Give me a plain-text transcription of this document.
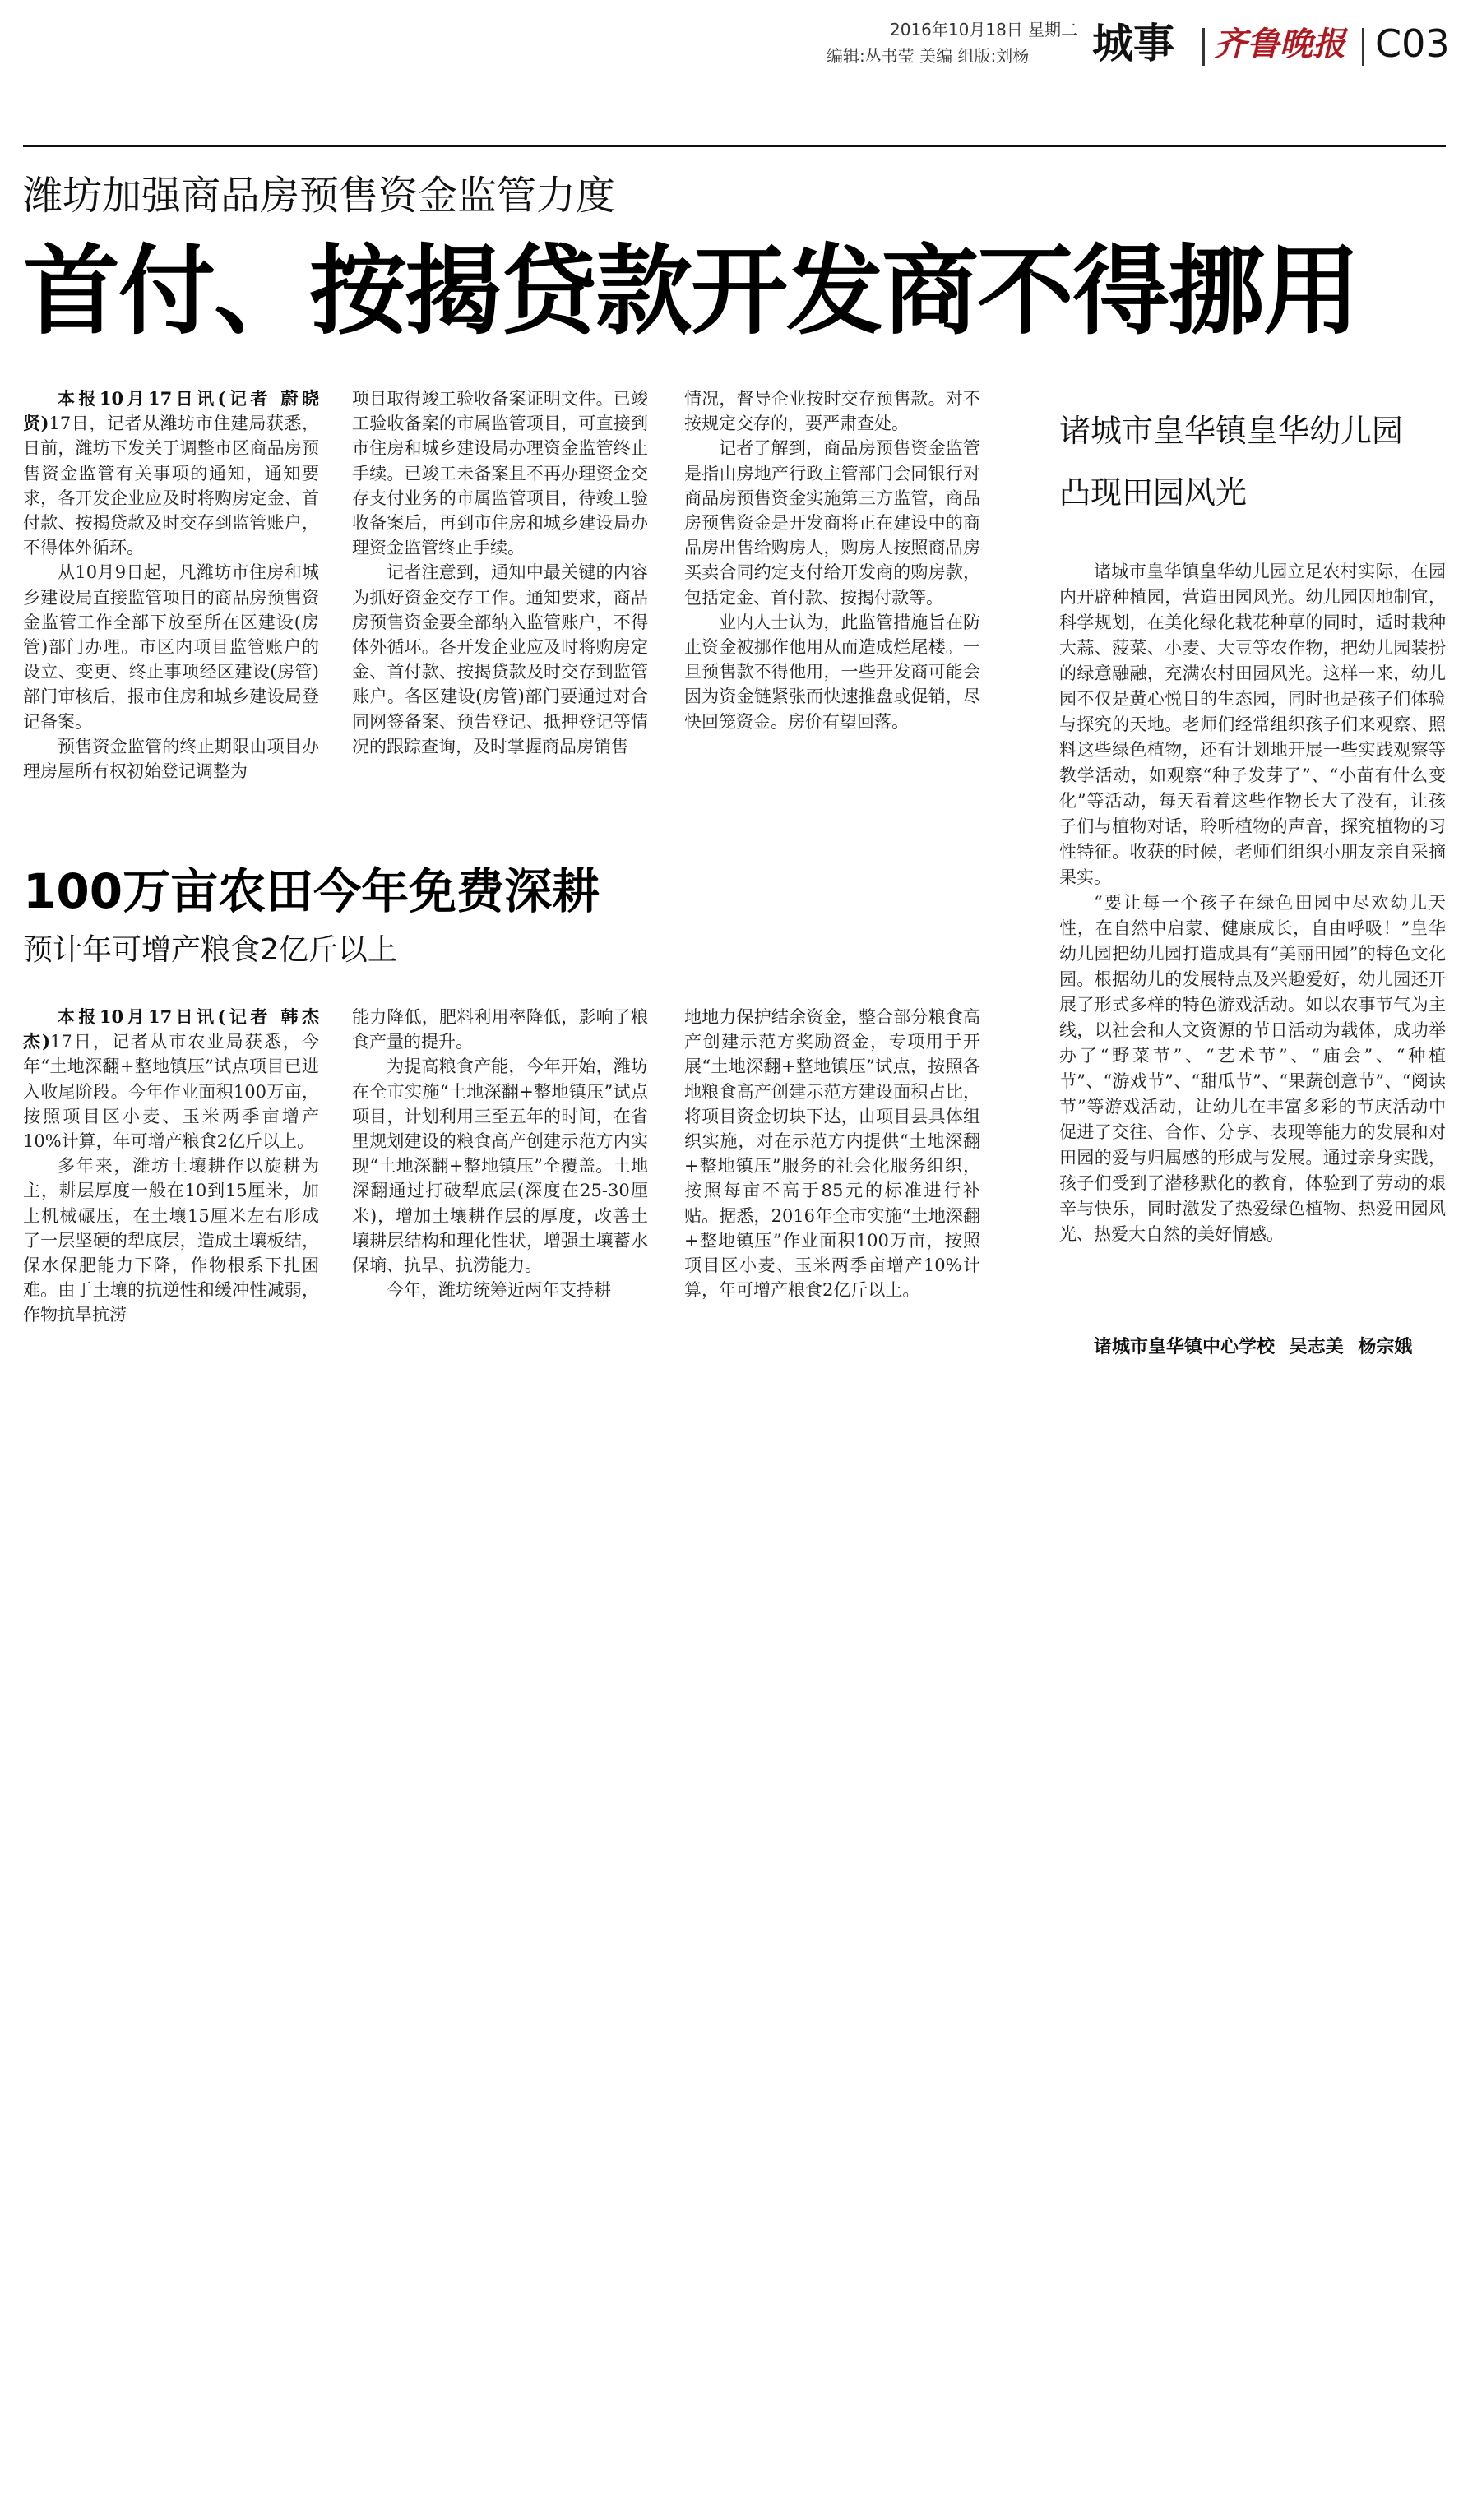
2016年10月18日 星期二
编辑:丛书莹 美编 组版:刘杨 城事 齐鲁晚报 C03
潍坊加强商品房预售资金监管力度
首付、按揭贷款开发商不得挪用

本报10月17日讯(记者 蔚晓贤)17日，记者从潍坊市住建局获悉，日前，潍坊下发关于调整市区商品房预售资金监管有关事项的通知，通知要求，各开发企业应及时将购房定金、首付款、按揭贷款及时交存到监管账户，不得体外循环。

从10月9日起，凡潍坊市住房和城乡建设局直接监管项目的商品房预售资金监管工作全部下放至所在区建设(房管)部门办理。市区内项目监管账户的设立、变更、终止事项经区建设(房管)部门审核后，报市住房和城乡建设局登记备案。

预售资金监管的终止期限由项目办理房屋所有权初始登记调整为

项目取得竣工验收备案证明文件。已竣工验收备案的市属监管项目，可直接到市住房和城乡建设局办理资金监管终止手续。已竣工未备案且不再办理资金交存支付业务的市属监管项目，待竣工验收备案后，再到市住房和城乡建设局办理资金监管终止手续。

记者注意到，通知中最关键的内容为抓好资金交存工作。通知要求，商品房预售资金要全部纳入监管账户，不得体外循环。各开发企业应及时将购房定金、首付款、按揭贷款及时交存到监管账户。各区建设(房管)部门要通过对合同网签备案、预告登记、抵押登记等情况的跟踪查询，及时掌握商品房销售

情况，督导企业按时交存预售款。对不按规定交存的，要严肃查处。

记者了解到，商品房预售资金监管是指由房地产行政主管部门会同银行对商品房预售资金实施第三方监管，商品房预售资金是开发商将正在建设中的商品房出售给购房人，购房人按照商品房买卖合同约定支付给开发商的购房款，包括定金、首付款、按揭付款等。

业内人士认为，此监管措施旨在防止资金被挪作他用从而造成烂尾楼。一旦预售款不得他用，一些开发商可能会因为资金链紧张而快速推盘或促销，尽快回笼资金。房价有望回落。

100万亩农田今年免费深耕
预计年可增产粮食2亿斤以上

本报10月17日讯(记者 韩杰杰)17日，记者从市农业局获悉，今年“土地深翻+整地镇压”试点项目已进入收尾阶段。今年作业面积100万亩，按照项目区小麦、玉米两季亩增产10%计算，年可增产粮食2亿斤以上。

多年来，潍坊土壤耕作以旋耕为主，耕层厚度一般在10到15厘米，加上机械碾压，在土壤15厘米左右形成了一层坚硬的犁底层，造成土壤板结，保水保肥能力下降，作物根系下扎困难。由于土壤的抗逆性和缓冲性减弱，作物抗旱抗涝

能力降低，肥料利用率降低，影响了粮食产量的提升。

为提高粮食产能，今年开始，潍坊在全市实施“土地深翻+整地镇压”试点项目，计划利用三至五年的时间，在省里规划建设的粮食高产创建示范方内实现“土地深翻+整地镇压”全覆盖。土地深翻通过打破犁底层(深度在25-30厘米)，增加土壤耕作层的厚度，改善土壤耕层结构和理化性状，增强土壤蓄水保墒、抗旱、抗涝能力。

今年，潍坊统筹近两年支持耕

地地力保护结余资金，整合部分粮食高产创建示范方奖励资金，专项用于开展“土地深翻+整地镇压”试点，按照各地粮食高产创建示范方建设面积占比，将项目资金切块下达，由项目县具体组织实施，对在示范方内提供“土地深翻+整地镇压”服务的社会化服务组织，按照每亩不高于85元的标准进行补贴。据悉，2016年全市实施“土地深翻+整地镇压”作业面积100万亩，按照项目区小麦、玉米两季亩增产10%计算，年可增产粮食2亿斤以上。

诸城市皇华镇皇华幼儿园
凸现田园风光

诸城市皇华镇皇华幼儿园立足农村实际，在园内开辟种植园，营造田园风光。幼儿园因地制宜，科学规划，在美化绿化栽花种草的同时，适时栽种大蒜、菠菜、小麦、大豆等农作物，把幼儿园装扮的绿意融融，充满农村田园风光。这样一来，幼儿园不仅是黄心悦目的生态园，同时也是孩子们体验与探究的天地。老师们经常组织孩子们来观察、照料这些绿色植物，还有计划地开展一些实践观察等教学活动，如观察“种子发芽了”、“小苗有什么变化”等活动，每天看着这些作物长大了没有，让孩子们与植物对话，聆听植物的声音，探究植物的习性特征。收获的时候，老师们组织小朋友亲自采摘果实。

“要让每一个孩子在绿色田园中尽欢幼儿天性，在自然中启蒙、健康成长，自由呼吸！”皇华幼儿园把幼儿园打造成具有“美丽田园”的特色文化园。根据幼儿的发展特点及兴趣爱好，幼儿园还开展了形式多样的特色游戏活动。如以农事节气为主线，以社会和人文资源的节日活动为载体，成功举办了“野菜节”、“艺术节”、“庙会”、“种植节”、“游戏节”、“甜瓜节”、“果蔬创意节”、“阅读节”等游戏活动，让幼儿在丰富多彩的节庆活动中促进了交往、合作、分享、表现等能力的发展和对田园的爱与归属感的形成与发展。通过亲身实践，孩子们受到了潜移默化的教育，体验到了劳动的艰辛与快乐，同时激发了热爱绿色植物、热爱田园风光、热爱大自然的美好情感。

诸城市皇华镇中心学校 吴志美 杨宗娥
